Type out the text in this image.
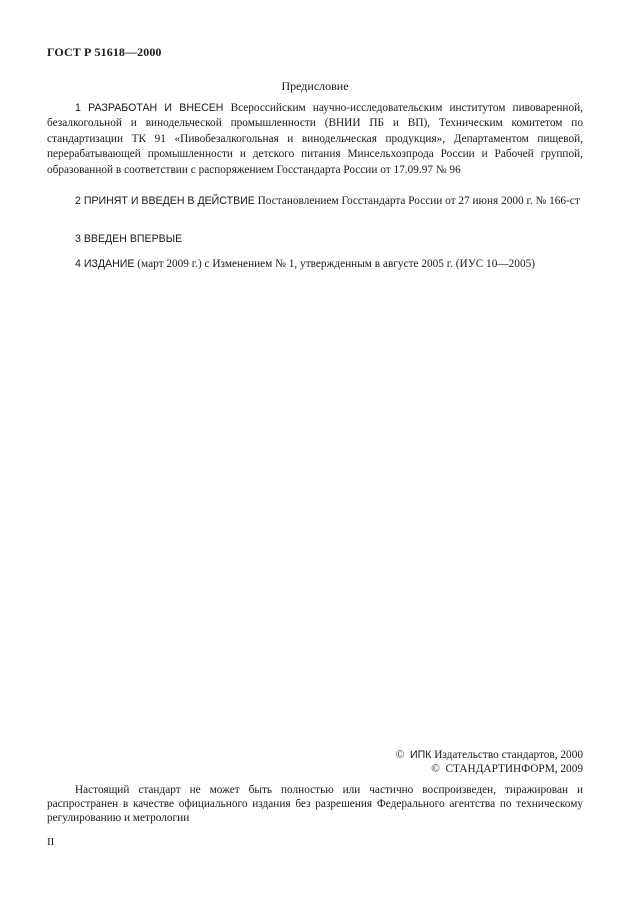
ГОСТ Р 51618—2000
Предисловие
1 РАЗРАБОТАН И ВНЕСЕН Всероссийским научно-исследовательским институтом пивоваренной, безалкогольной и винодельческой промышленности (ВНИИ ПБ и ВП), Техническим комитетом по стандартизации ТК 91 «Пивобезалкогольная и винодельческая продукция», Департаментом пищевой, перерабатывающей промышленности и детского питания Минсельхозпрода России и Рабочей группой, образованной в соответствии с распоряжением Госстандарта России от 17.09.97 № 96
2 ПРИНЯТ И ВВЕДЕН В ДЕЙСТВИЕ Постановлением Госстандарта России от 27 июня 2000 г. № 166-ст
3 ВВЕДЕН ВПЕРВЫЕ
4 ИЗДАНИЕ (март 2009 г.) с Изменением № 1, утвержденным в августе 2005 г. (ИУС 10—2005)
© ИПК Издательство стандартов, 2000
© СТАНДАРТИНФОРМ, 2009
Настоящий стандарт не может быть полностью или частично воспроизведен, тиражирован и распространен в качестве официального издания без разрешения Федерального агентства по техническому регулированию и метрологии
II
